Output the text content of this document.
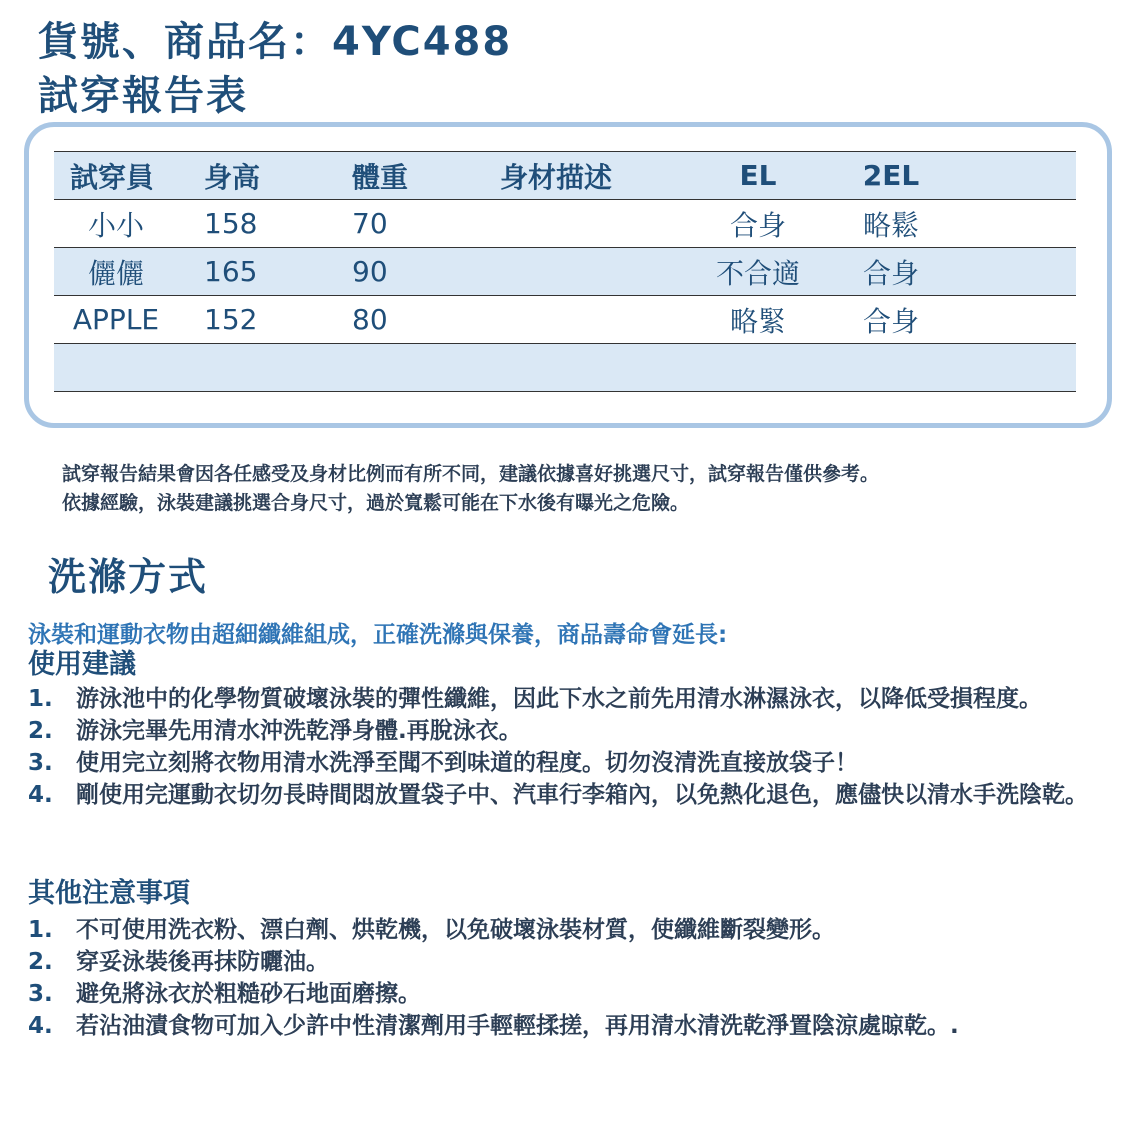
貨號、商品名：4YC488
試穿報告表
試穿員	身高	體重	身材描述	EL	2EL	
小小	158	70		合身	略鬆	
儷儷	165	90		不合適	合身	
APPLE	152	80		略緊	合身	

試穿報告結果會因各任感受及身材比例而有所不同，建議依據喜好挑選尺寸，試穿報告僅供參考。
依據經驗，泳裝建議挑選合身尺寸，過於寬鬆可能在下水後有曝光之危險。
洗滌方式

泳裝和運動衣物由超細纖維組成，正確洗滌與保養，商品壽命會延長:

使用建議
1.	游泳池中的化學物質破壞泳裝的彈性纖維，因此下水之前先用清水淋濕泳衣，以降低受損程度。
2.	游泳完畢先用清水沖洗乾淨身體.再脫泳衣。
3.	使用完立刻將衣物用清水洗淨至聞不到味道的程度。切勿沒清洗直接放袋子！
4.	剛使用完運動衣切勿長時間悶放置袋子中、汽車行李箱內，以免熱化退色，應儘快以清水手洗陰乾。
其他注意事項
1.	不可使用洗衣粉、漂白劑、烘乾機，以免破壞泳裝材質，使纖維斷裂變形。
2.	穿妥泳裝後再抹防曬油。
3.	避免將泳衣於粗糙砂石地面磨擦。
4.	若沾油漬食物可加入少許中性清潔劑用手輕輕揉搓，再用清水清洗乾淨置陰涼處晾乾。.
